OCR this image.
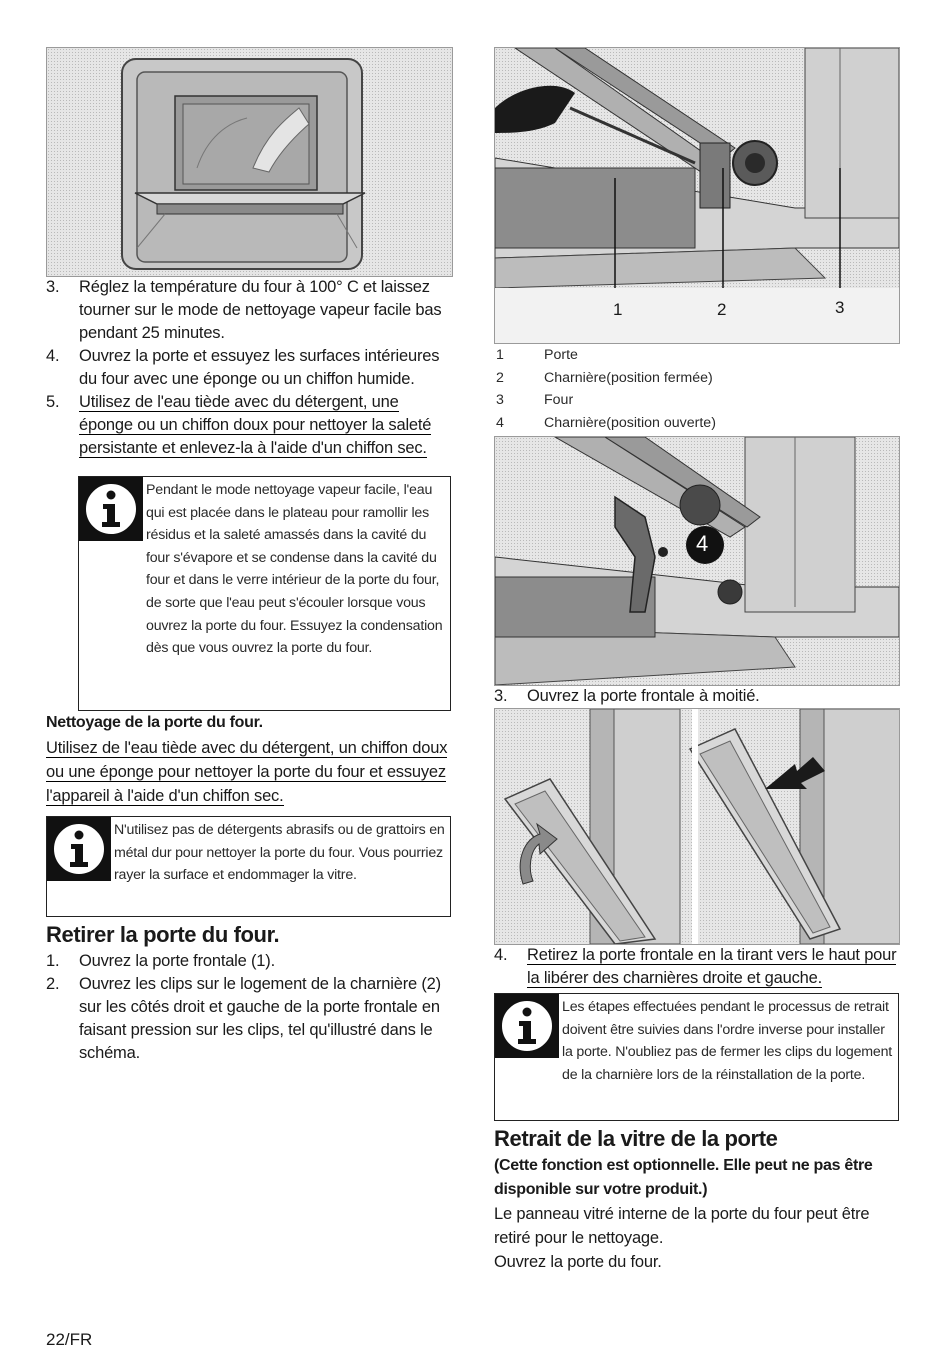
3. Réglez la température du four à 100° C et laissez tourner sur le mode de nettoyage vapeur facile bas pendant 25 minutes.
4. Ouvrez la porte et essuyez les surfaces intérieures du four avec une éponge ou un chiffon humide.
5. Utilisez de l'eau tiède avec du détergent, une éponge ou un chiffon doux pour nettoyer la saleté persistante et enlevez-la à l'aide d'un chiffon sec.
Pendant le mode nettoyage vapeur facile, l'eau qui est placée dans le plateau pour ramollir les résidus et la saleté amassés dans la cavité du four s'évapore et se condense dans la cavité du four et dans le verre intérieur de la porte du four, de sorte que l'eau peut s'écouler lorsque vous ouvrez la porte du four. Essuyez la condensation dès que vous ouvrez la porte du four.
Nettoyage de la porte du four.
Utilisez de l'eau tiède avec du détergent, un chiffon doux ou une éponge pour nettoyer la porte du four et essuyez l'appareil à l'aide d'un chiffon sec.
N'utilisez pas de détergents abrasifs ou de grattoirs en métal dur pour nettoyer la porte du four. Vous pourriez rayer la surface et endommager la vitre.
Retirer la porte du four.
1. Ouvrez la porte frontale (1).
2. Ouvrez les clips sur le logement de la charnière (2) sur les côtés droit et gauche de la porte frontale en faisant pression sur les clips, tel qu'illustré dans le schéma.
1	2	3
1	Porte
2	Charnière(position fermée)
3	Four
4	Charnière(position ouverte)
4
3. Ouvrez la porte frontale à moitié.
4. Retirez la porte frontale en la tirant vers le haut pour la libérer des charnières droite et gauche.
Les étapes effectuées pendant le processus de retrait doivent être suivies dans l'ordre inverse pour installer la porte. N'oubliez pas de fermer les clips du logement de la charnière lors de la réinstallation de la porte.
Retrait de la vitre de la porte
(Cette fonction est optionnelle. Elle peut ne pas être disponible sur votre produit.)
Le panneau vitré interne de la porte du four peut être retiré pour le nettoyage.
Ouvrez la porte du four.
22/FR
